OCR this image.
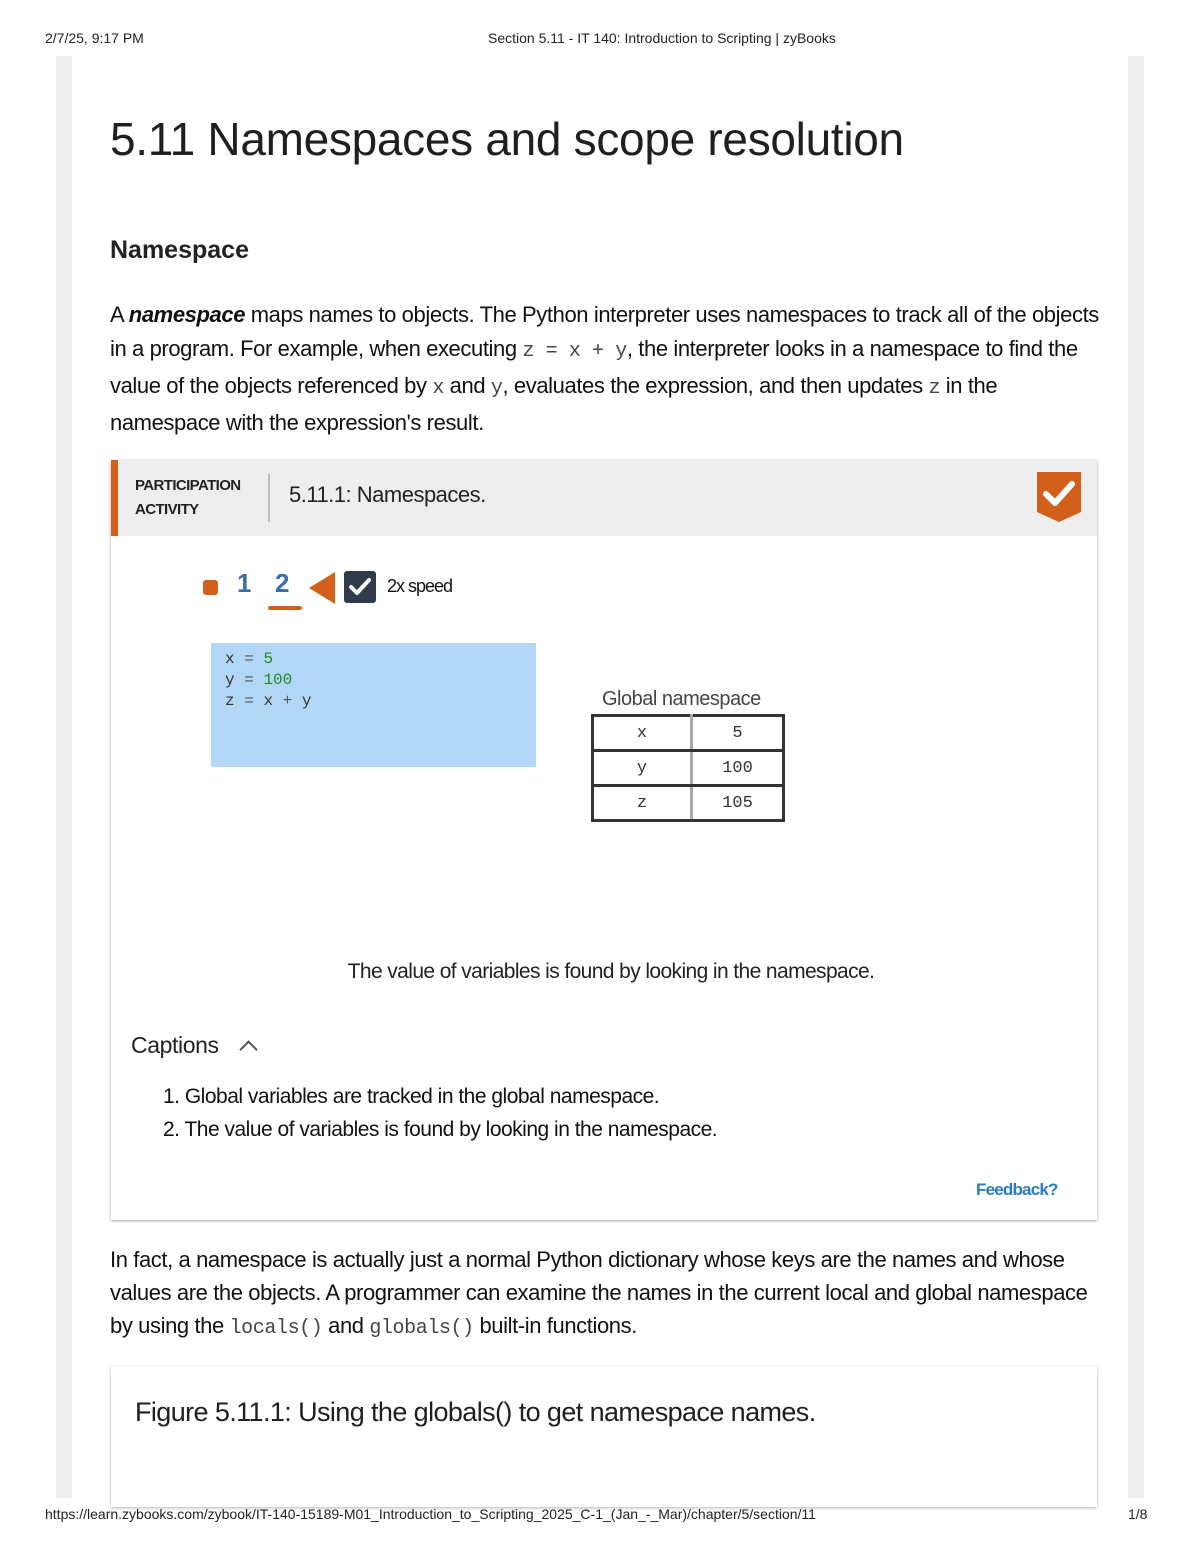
2/7/25, 9:17 PM	Section 5.11 - IT 140: Introduction to Scripting | zyBooks
5.11 Namespaces and scope resolution
Namespace

A namespace maps names to objects. The Python interpreter uses namespaces to track all of the objects in a program. For example, when executing z = x + y, the interpreter looks in a namespace to find the value of the objects referenced by x and y, evaluates the expression, and then updates z in the namespace with the expression's result.

PARTICIPATION
ACTIVITY
5.11.1: Namespaces.
1 2	2x speed
x = 5
y = 100
z = x + y	Global namespace
x	5
y	100
z	105
The value of variables is found by looking in the namespace.
Captions
1. Global variables are tracked in the global namespace.
2. The value of variables is found by looking in the namespace.
Feedback?

In fact, a namespace is actually just a normal Python dictionary whose keys are the names and whose values are the objects. A programmer can examine the names in the current local and global namespace by using the locals() and globals() built-in functions.

Figure 5.11.1: Using the globals() to get namespace names.
https://learn.zybooks.com/zybook/IT-140-15189-M01_Introduction_to_Scripting_2025_C-1_(Jan_-_Mar)/chapter/5/section/11	1/8
